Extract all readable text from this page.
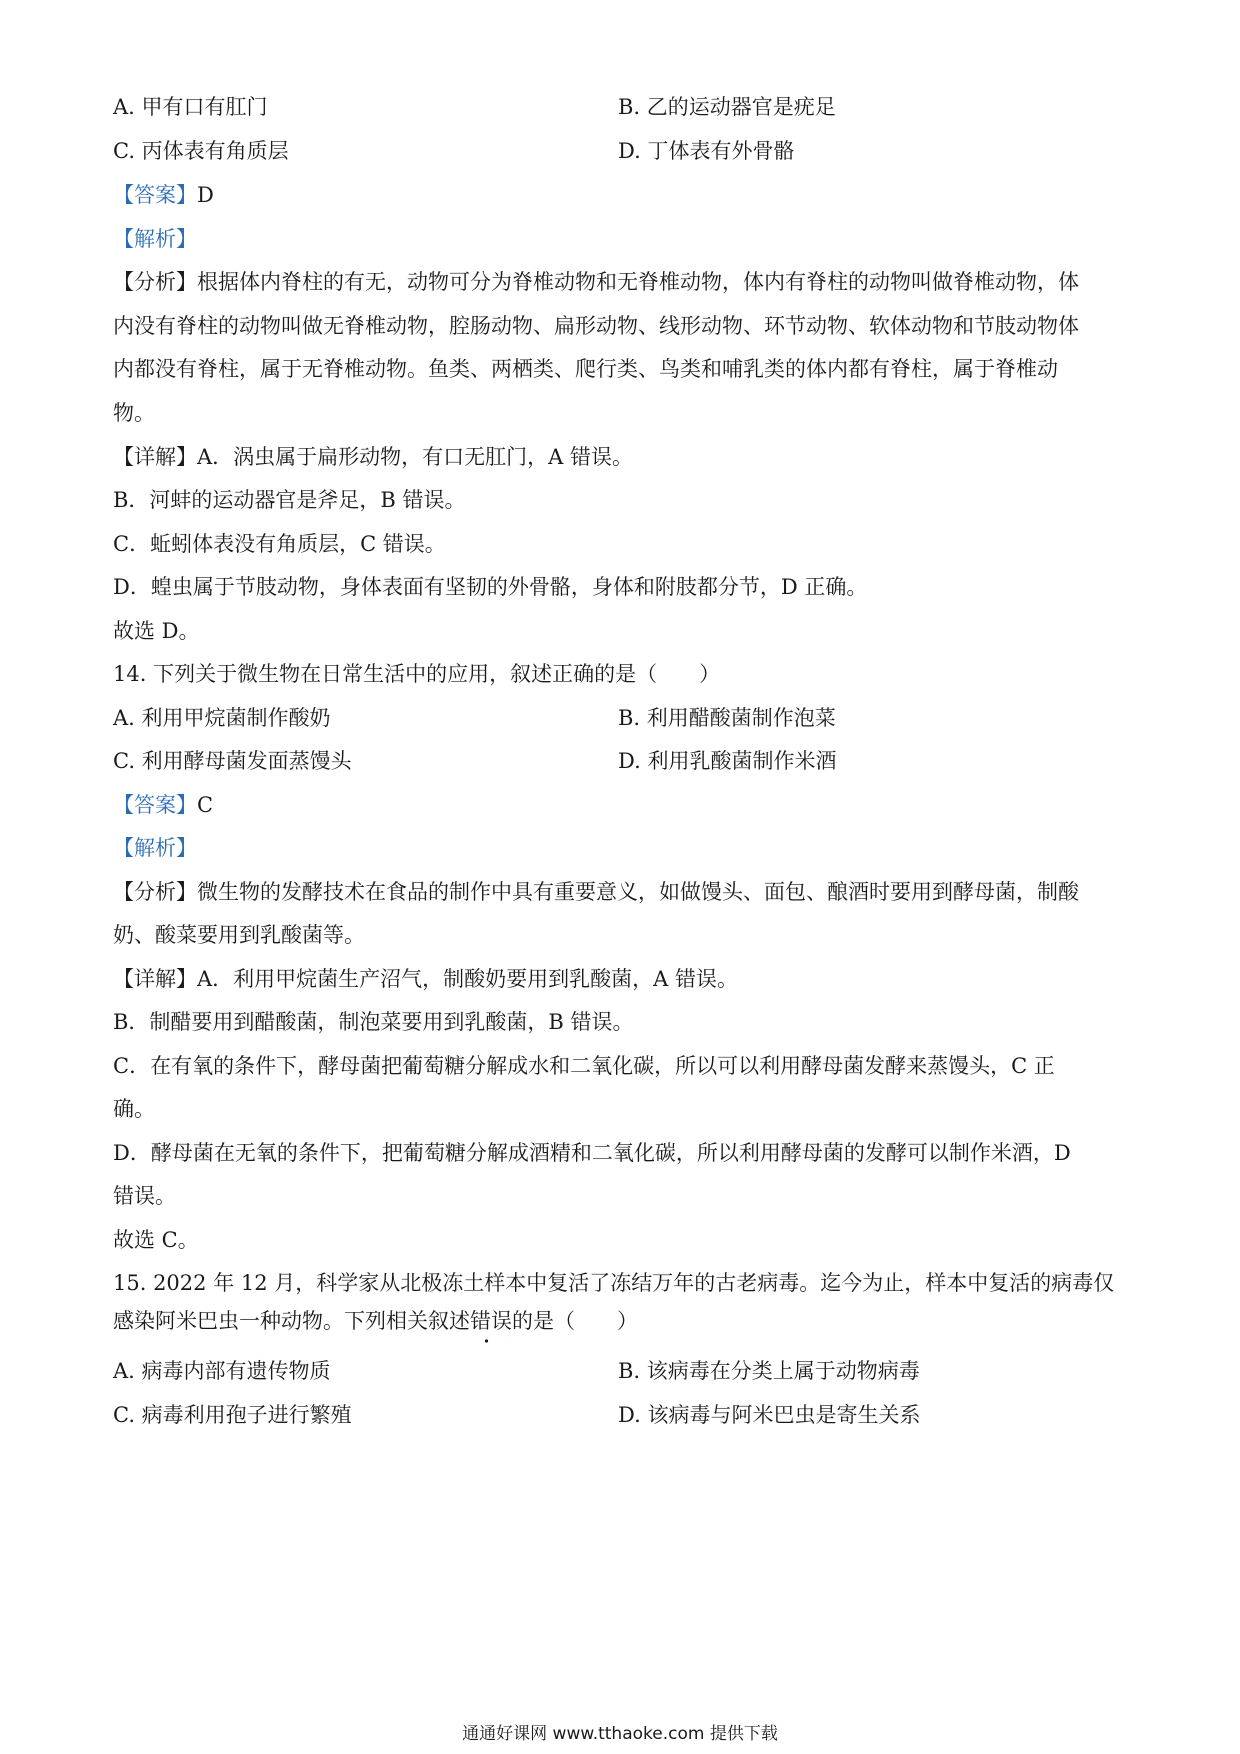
A. 甲有口有肛门	B. 乙的运动器官是疣足
C. 丙体表有角质层	D. 丁体表有外骨骼
【答案】D
【解析】
【分析】根据体内脊柱的有无，动物可分为脊椎动物和无脊椎动物，体内有脊柱的动物叫做脊椎动物，体
内没有脊柱的动物叫做无脊椎动物，腔肠动物、扁形动物、线形动物、环节动物、软体动物和节肢动物体
内都没有脊柱，属于无脊椎动物。鱼类、两栖类、爬行类、鸟类和哺乳类的体内都有脊柱，属于脊椎动
物。
【详解】A．涡虫属于扁形动物，有口无肛门，A 错误。
B．河蚌的运动器官是斧足，B 错误。
C．蚯蚓体表没有角质层，C 错误。
D．蝗虫属于节肢动物，身体表面有坚韧的外骨骼，身体和附肢都分节，D 正确。
故选 D。
14. 下列关于微生物在日常生活中的应用，叙述正确的是（　　）
A. 利用甲烷菌制作酸奶	B. 利用醋酸菌制作泡菜
C. 利用酵母菌发面蒸馒头	D. 利用乳酸菌制作米酒
【答案】C
【解析】
【分析】微生物的发酵技术在食品的制作中具有重要意义，如做馒头、面包、酿酒时要用到酵母菌，制酸
奶、酸菜要用到乳酸菌等。
【详解】A．利用甲烷菌生产沼气，制酸奶要用到乳酸菌，A 错误。
B．制醋要用到醋酸菌，制泡菜要用到乳酸菌，B 错误。
C．在有氧的条件下，酵母菌把葡萄糖分解成水和二氧化碳，所以可以利用酵母菌发酵来蒸馒头，C 正
确。
D．酵母菌在无氧的条件下，把葡萄糖分解成酒精和二氧化碳，所以利用酵母菌的发酵可以制作米酒，D
错误。
故选 C。
15. 2022 年 12 月，科学家从北极冻土样本中复活了冻结万年的古老病毒。迄今为止，样本中复活的病毒仅
感染阿米巴虫一种动物。下列相关叙述错误的是（　　）
A. 病毒内部有遗传物质	B. 该病毒在分类上属于动物病毒
C. 病毒利用孢子进行繁殖	D. 该病毒与阿米巴虫是寄生关系
通通好课网 www.tthaoke.com 提供下载
